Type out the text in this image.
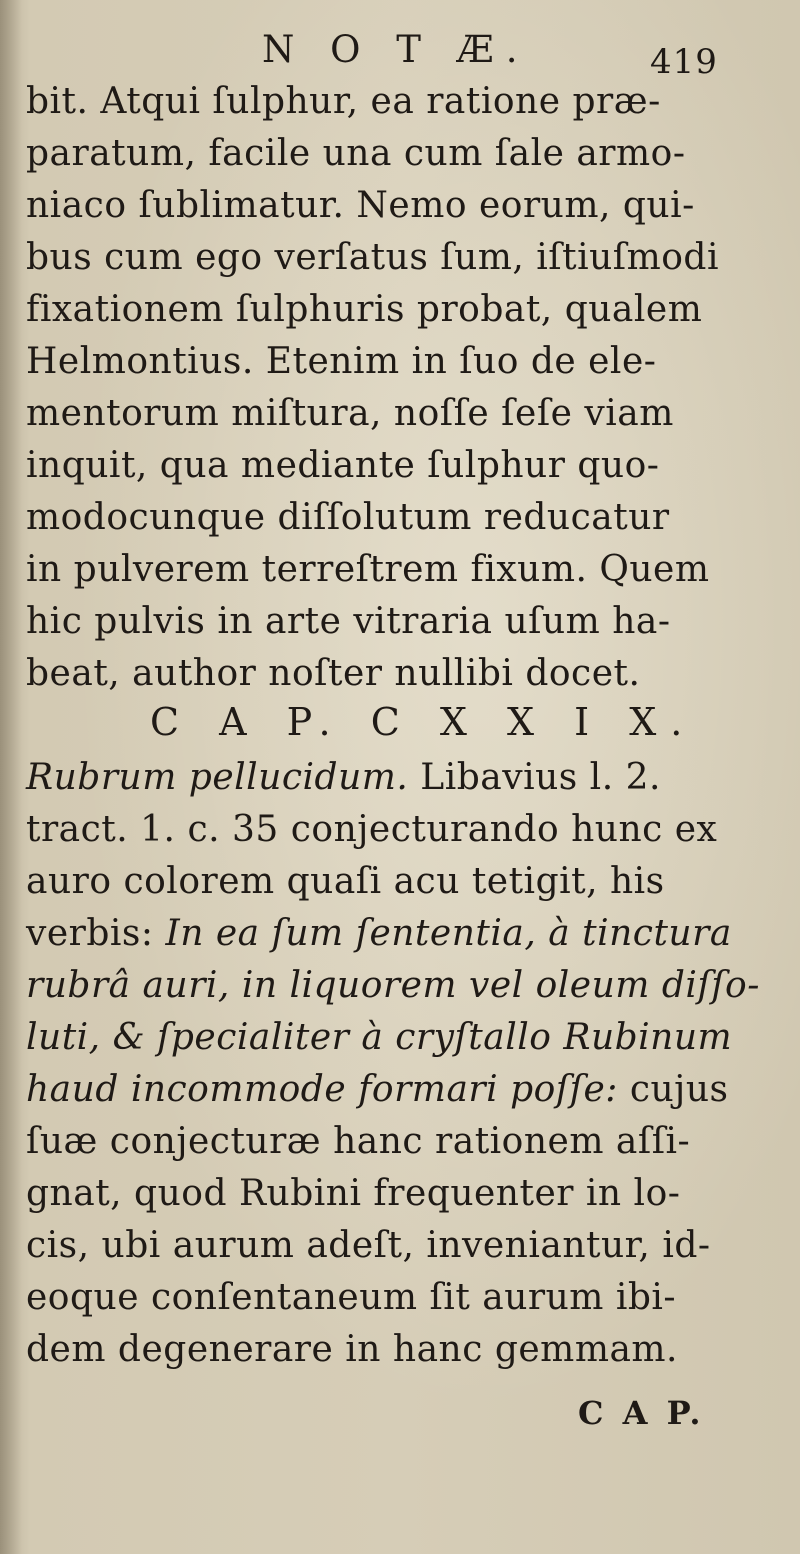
N O T Æ.	419
bit. Atqui ſulphur, ea ratione præ-
paratum, facile una cum ſale armo-
niaco ſublimatur. Nemo eorum, qui-
bus cum ego verſatus ſum, iſtiuſmodi
fixationem ſulphuris probat, qualem
Helmontius. Etenim in ſuo de ele-
mentorum miſtura, noſſe ſeſe viam
inquit, qua mediante ſulphur quo-
modocunque diſſolutum reducatur
in pulverem terreſtrem fixum. Quem
hic pulvis in arte vitraria uſum ha-
beat, author noſter nullibi docet.
Rubrum pellucidum. Libavius l. 2.
tract. 1. c. 35 conjecturando hunc ex
auro colorem quaſi acu tetigit, his
verbis: In ea ſum ſententia, à tinctura
rubrâ auri, in liquorem vel oleum diſſo-
luti, & ſpecialiter à cryſtallo Rubinum
haud incommode formari poſſe: cujus
ſuæ conjecturæ hanc rationem aſſi-
gnat, quod Rubini frequenter in lo-
cis, ubi aurum adeſt, inveniantur, id-
eoque conſentaneum ſit aurum ibi-
dem degenerare in hanc gemmam.
C A P. C X X I X.
C A P.
